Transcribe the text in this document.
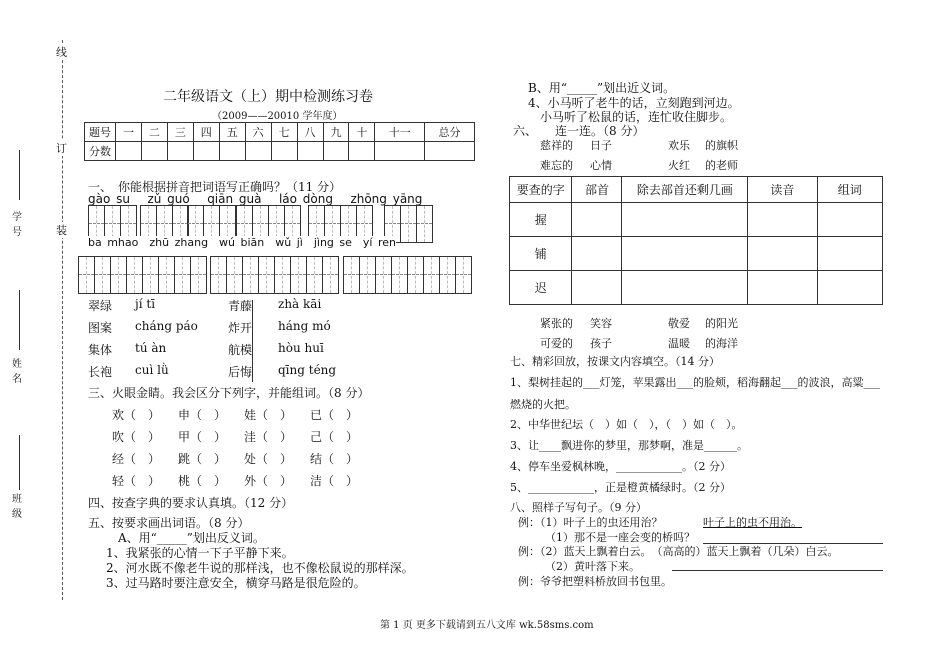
线
订
装
学号
姓名
班级
二年级语文（上）期中检测练习卷
（2009——20010 学年度）
题号	一	二	三	四	五	六	七	八	九	十	十一	总分
分数												
一、　你能根据拼音把词语写正确吗？（11 分）
gào su zǔ guó qiān guà láo dòng zhōng yāng
ba mhao zhū zhang wú biān wǔ jì jìng se yí ren
翠绿 jí tī	青藤 zhà kāi
图案 cháng páo	炸开 háng mó
集体 tú àn	航模 hòu huī
长袍 cuì lǜ	后悔 qīng téng
三、火眼金睛。我会区分下列字，并能组词。（8 分）
欢（　） 申（　） 娃（　） 已（　）
吹（　） 甲（　） 洼（　） 己（　）
经（　） 跳（　） 处（　） 结（　）
轻（　） 桃（　） 外（　） 洁（　）
四、按查字典的要求认真填。（12 分）
五、按要求画出词语。（8 分）
A、用“_____”划出反义词。
1、我紧张的心情一下子平静下来。
2、河水既不像老牛说的那样浅，也不像松鼠说的那样深。
3、过马路时要注意安全，横穿马路是很危险的。
B、用“_____”划出近义词。
4、小马听了老牛的话，立刻跑到河边。
　小马听了松鼠的话，连忙收住脚步。
六、　　连一连。（8 分）
慈祥的 日子	欢乐 的旗帜
难忘的 心情	火红 的老师
要查的字	部首	除去部首还剩几画	读音	组词
握				
铺				
迟				
紧张的 笑容	敬爱 的阳光
可爱的 孩子	温暖 的海洋
七、精彩回放，按课文内容填空。（14 分）
1、梨树挂起的___灯笼，苹果露出___的脸颊，稻海翻起___的波浪，高粱___
燃烧的火把。
2、中华世纪坛（　）如（　），（　）如（　）。
3、让____飘进你的梦里，那梦啊，准是______。
4、停车坐爱枫林晚，____________。（2 分）
5、____________，正是橙黄橘绿时。（2 分）
八、照样子写句子。（9 分）
例：（1）叶子上的虫还用治？	叶子上的虫不用治。
（1）那不是一座会变的桥吗？
例：（2）蓝天上飘着白云。　（高高的）蓝天上飘着（几朵）白云。
（2）黄叶落下来。
例：爷爷把塑料桥放回书包里。
第 1 页 更多下载请到五八文库 wk.58sms.com
